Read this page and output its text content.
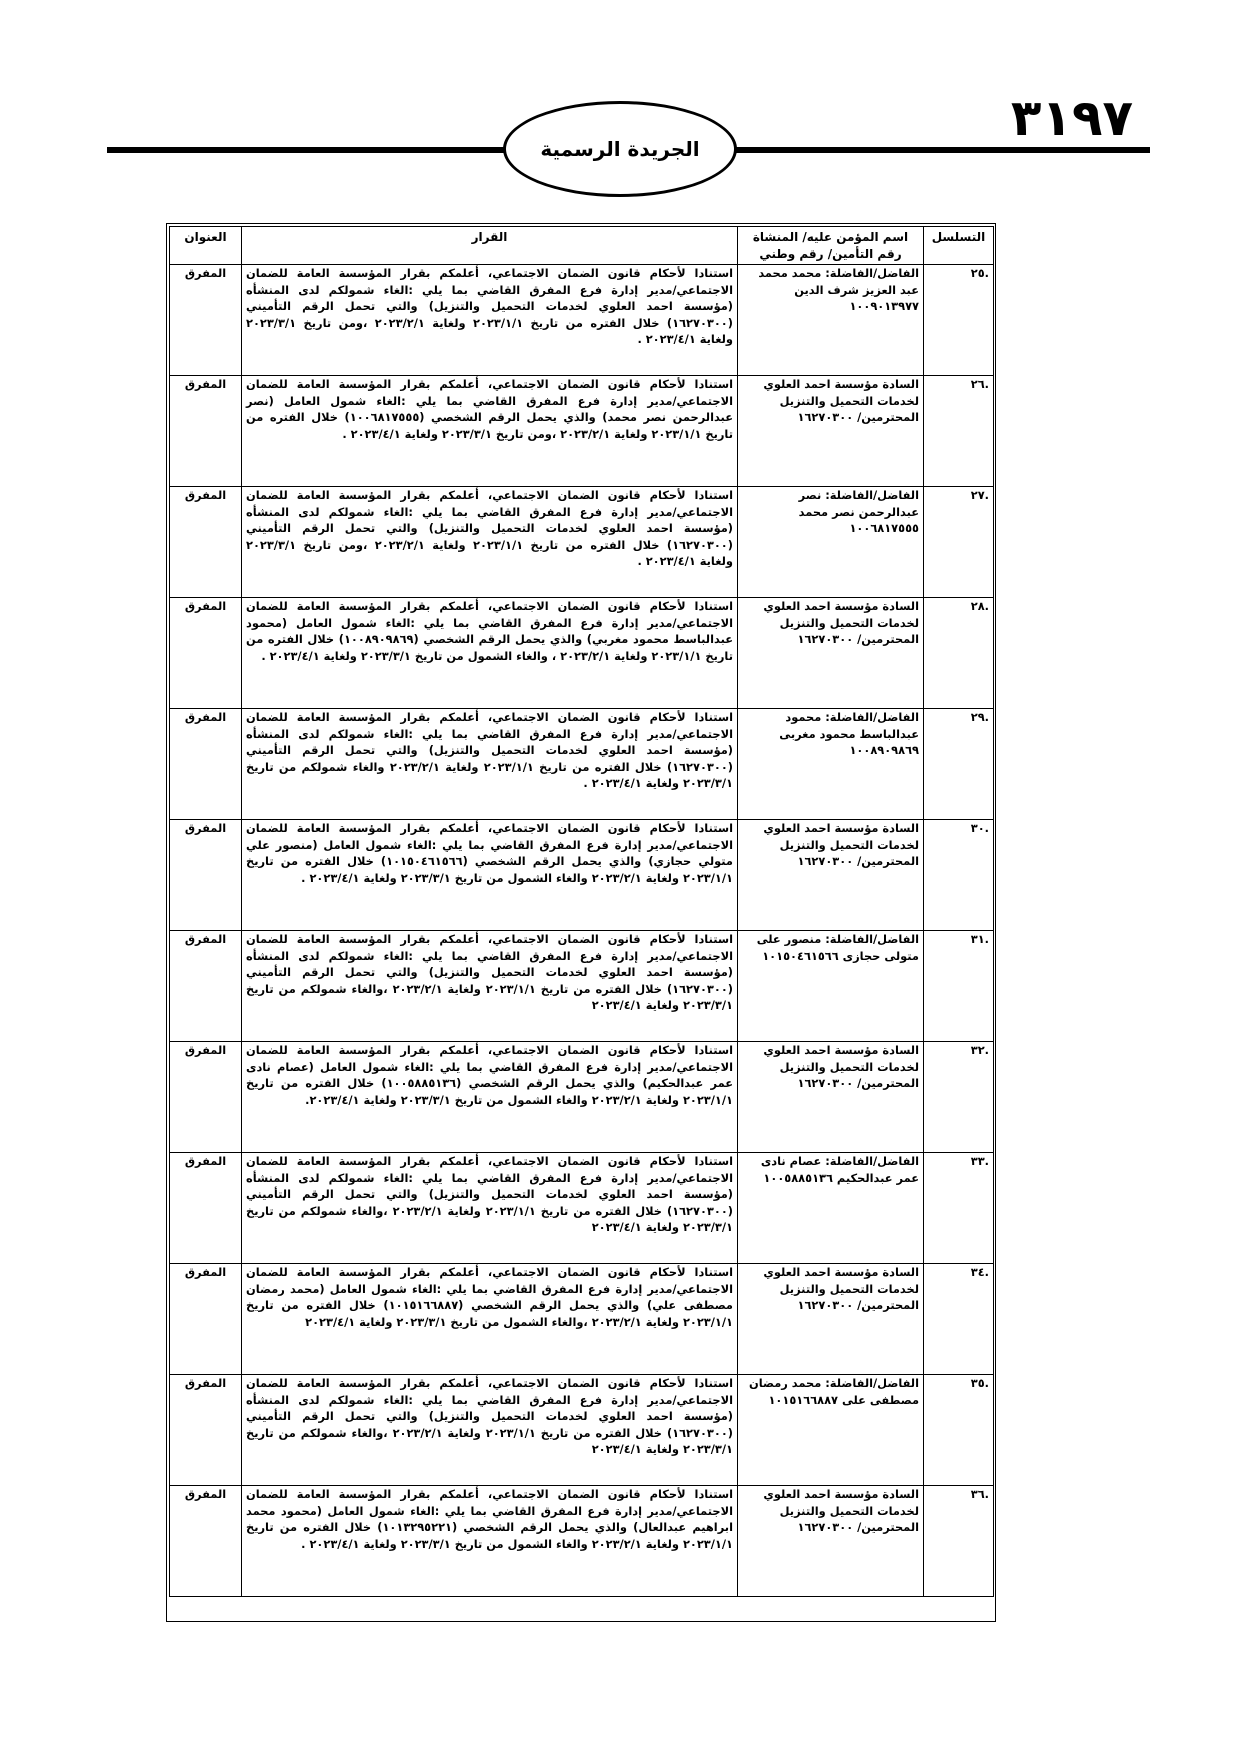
٣١٩٧
الجريدة الرسمية
التسلسل	اسم المؤمن عليه/ المنشاة رقم التأمين/ رقم وطني	القرار	العنوان
.٢٥	الفاضل/الفاضلة: محمد محمد عبد العزيز شرف الدين ١٠٠٩٠١٣٩٧٧	استنادا لأحكام قانون الضمان الاجتماعي، أعلمكم بقرار المؤسسة العامة للضمان الاجتماعي/مدير إدارة فرع المفرق القاضي بما يلي :الغاء شمولكم لدى المنشأه (مؤسسة احمد العلوي لخدمات التحميل والتنزيل) والتي تحمل الرقم التأميني (١٦٢٧٠٣٠٠) خلال الفتره من تاريخ ٢٠٢٣/١/١ ولغاية ٢٠٢٣/٢/١ ،ومن تاريخ ٢٠٢٣/٣/١ ولغاية ٢٠٢٣/٤/١ .	المفرق
.٢٦	السادة مؤسسة احمد العلوي لخدمات التحميل والتنزيل المحترمين/ ١٦٢٧٠٣٠٠	استنادا لأحكام قانون الضمان الاجتماعي، أعلمكم بقرار المؤسسة العامة للضمان الاجتماعي/مدير إدارة فرع المفرق القاضي بما يلي :الغاء شمول العامل (نصر عبدالرحمن نصر محمد) والذي يحمل الرقم الشخصي (١٠٠٦٨١٧٥٥٥) خلال الفتره من تاريخ ٢٠٢٣/١/١ ولغاية ٢٠٢٣/٢/١ ،ومن تاريخ ٢٠٢٣/٣/١ ولغاية ٢٠٢٣/٤/١ .	المفرق
.٢٧	الفاضل/الفاضلة: نصر عبدالرحمن نصر محمد ١٠٠٦٨١٧٥٥٥	استنادا لأحكام قانون الضمان الاجتماعي، أعلمكم بقرار المؤسسة العامة للضمان الاجتماعي/مدير إدارة فرع المفرق القاضي بما يلي :الغاء شمولكم لدى المنشأه (مؤسسة احمد العلوي لخدمات التحميل والتنزيل) والتي تحمل الرقم التأميني (١٦٢٧٠٣٠٠) خلال الفتره من تاريخ ٢٠٢٣/١/١ ولغاية ٢٠٢٣/٢/١ ،ومن تاريخ ٢٠٢٣/٣/١ ولغاية ٢٠٢٣/٤/١ .	المفرق
.٢٨	السادة مؤسسة احمد العلوي لخدمات التحميل والتنزيل المحترمين/ ١٦٢٧٠٣٠٠	استنادا لأحكام قانون الضمان الاجتماعي، أعلمكم بقرار المؤسسة العامة للضمان الاجتماعي/مدير إدارة فرع المفرق القاضي بما يلي :الغاء شمول العامل (محمود عبدالباسط محمود مغربي) والذي يحمل الرقم الشخصي (١٠٠٨٩٠٩٨٦٩) خلال الفتره من تاريخ ٢٠٢٣/١/١ ولغاية ٢٠٢٣/٢/١ ، والغاء الشمول من تاريخ ٢٠٢٣/٣/١ ولغاية ٢٠٢٣/٤/١ .	المفرق
.٢٩	الفاضل/الفاضلة: محمود عبدالباسط محمود مغربى ١٠٠٨٩٠٩٨٦٩	استنادا لأحكام قانون الضمان الاجتماعي، أعلمكم بقرار المؤسسة العامة للضمان الاجتماعي/مدير إدارة فرع المفرق القاضي بما يلي :الغاء شمولكم لدى المنشأه (مؤسسة احمد العلوي لخدمات التحميل والتنزيل) والتي تحمل الرقم التأميني (١٦٢٧٠٣٠٠) خلال الفتره من تاريخ ٢٠٢٣/١/١ ولغاية ٢٠٢٣/٢/١ والغاء شمولكم من تاريخ ٢٠٢٣/٣/١ ولغاية ٢٠٢٣/٤/١ .	المفرق
.٣٠	السادة مؤسسة احمد العلوي لخدمات التحميل والتنزيل المحترمين/ ١٦٢٧٠٣٠٠	استنادا لأحكام قانون الضمان الاجتماعي، أعلمكم بقرار المؤسسة العامة للضمان الاجتماعي/مدير إدارة فرع المفرق القاضي بما يلي :الغاء شمول العامل (منصور علي متولي حجازي) والذي يحمل الرقم الشخصي (١٠١٥٠٤٦١٥٦٦) خلال الفتره من تاريخ ٢٠٢٣/١/١ ولغاية ٢٠٢٣/٢/١ والغاء الشمول من تاريخ ٢٠٢٣/٣/١ ولغاية ٢٠٢٣/٤/١ .	المفرق
.٣١	الفاضل/الفاضلة: منصور على متولى حجازى ١٠١٥٠٤٦١٥٦٦	استنادا لأحكام قانون الضمان الاجتماعي، أعلمكم بقرار المؤسسة العامة للضمان الاجتماعي/مدير إدارة فرع المفرق القاضي بما يلي :الغاء شمولكم لدى المنشأه (مؤسسة احمد العلوي لخدمات التحميل والتنزيل) والتي تحمل الرقم التأميني (١٦٢٧٠٣٠٠) خلال الفتره من تاريخ ٢٠٢٣/١/١ ولغاية ٢٠٢٣/٢/١ ،والغاء شمولكم من تاريخ ٢٠٢٣/٣/١ ولغاية ٢٠٢٣/٤/١	المفرق
.٣٢	السادة مؤسسة احمد العلوي لخدمات التحميل والتنزيل المحترمين/ ١٦٢٧٠٣٠٠	استنادا لأحكام قانون الضمان الاجتماعي، أعلمكم بقرار المؤسسة العامة للضمان الاجتماعي/مدير إدارة فرع المفرق القاضي بما يلي :الغاء شمول العامل (عصام نادى عمر عبدالحكيم) والذي يحمل الرقم الشخصي (١٠٠٥٨٨٥١٣٦) خلال الفتره من تاريخ ٢٠٢٣/١/١ ولغاية ٢٠٢٣/٢/١ والغاء الشمول من تاريخ ٢٠٢٣/٣/١ ولغاية ٢٠٢٣/٤/١.	المفرق
.٣٣	الفاضل/الفاضلة: عصام نادى عمر عبدالحكيم ١٠٠٥٨٨٥١٣٦	استنادا لأحكام قانون الضمان الاجتماعي، أعلمكم بقرار المؤسسة العامة للضمان الاجتماعي/مدير إدارة فرع المفرق القاضي بما يلي :الغاء شمولكم لدى المنشأه (مؤسسة احمد العلوي لخدمات التحميل والتنزيل) والتي تحمل الرقم التأميني (١٦٢٧٠٣٠٠) خلال الفتره من تاريخ ٢٠٢٣/١/١ ولغاية ٢٠٢٣/٢/١ ،والغاء شمولكم من تاريخ ٢٠٢٣/٣/١ ولغاية ٢٠٢٣/٤/١	المفرق
.٣٤	السادة مؤسسة احمد العلوي لخدمات التحميل والتنزيل المحترمين/ ١٦٢٧٠٣٠٠	استنادا لأحكام قانون الضمان الاجتماعي، أعلمكم بقرار المؤسسة العامة للضمان الاجتماعي/مدير إدارة فرع المفرق القاضي بما يلي :الغاء شمول العامل (محمد رمضان مصطفى علي) والذي يحمل الرقم الشخصي (١٠١٥١٦٦٨٨٧) خلال الفتره من تاريخ ٢٠٢٣/١/١ ولغاية ٢٠٢٣/٢/١ ،والغاء الشمول من تاريخ ٢٠٢٣/٣/١ ولغاية ٢٠٢٣/٤/١	المفرق
.٣٥	الفاضل/الفاضلة: محمد رمضان مصطفى على ١٠١٥١٦٦٨٨٧	استنادا لأحكام قانون الضمان الاجتماعي، أعلمكم بقرار المؤسسة العامة للضمان الاجتماعي/مدير إدارة فرع المفرق القاضي بما يلي :الغاء شمولكم لدى المنشأه (مؤسسة احمد العلوي لخدمات التحميل والتنزيل) والتي تحمل الرقم التأميني (١٦٢٧٠٣٠٠) خلال الفتره من تاريخ ٢٠٢٣/١/١ ولغاية ٢٠٢٣/٢/١ ،والغاء شمولكم من تاريخ ٢٠٢٣/٣/١ ولغاية ٢٠٢٣/٤/١	المفرق
.٣٦	السادة مؤسسة احمد العلوي لخدمات التحميل والتنزيل المحترمين/ ١٦٢٧٠٣٠٠	استنادا لأحكام قانون الضمان الاجتماعي، أعلمكم بقرار المؤسسة العامة للضمان الاجتماعي/مدير إدارة فرع المفرق القاضي بما يلي :الغاء شمول العامل (محمود محمد ابراهيم عبدالعال) والذي يحمل الرقم الشخصي (١٠١٣٢٩٥٢٢١) خلال الفتره من تاريخ ٢٠٢٣/١/١ ولغاية ٢٠٢٣/٢/١ والغاء الشمول من تاريخ ٢٠٢٣/٣/١ ولغاية ٢٠٢٣/٤/١ .	المفرق
